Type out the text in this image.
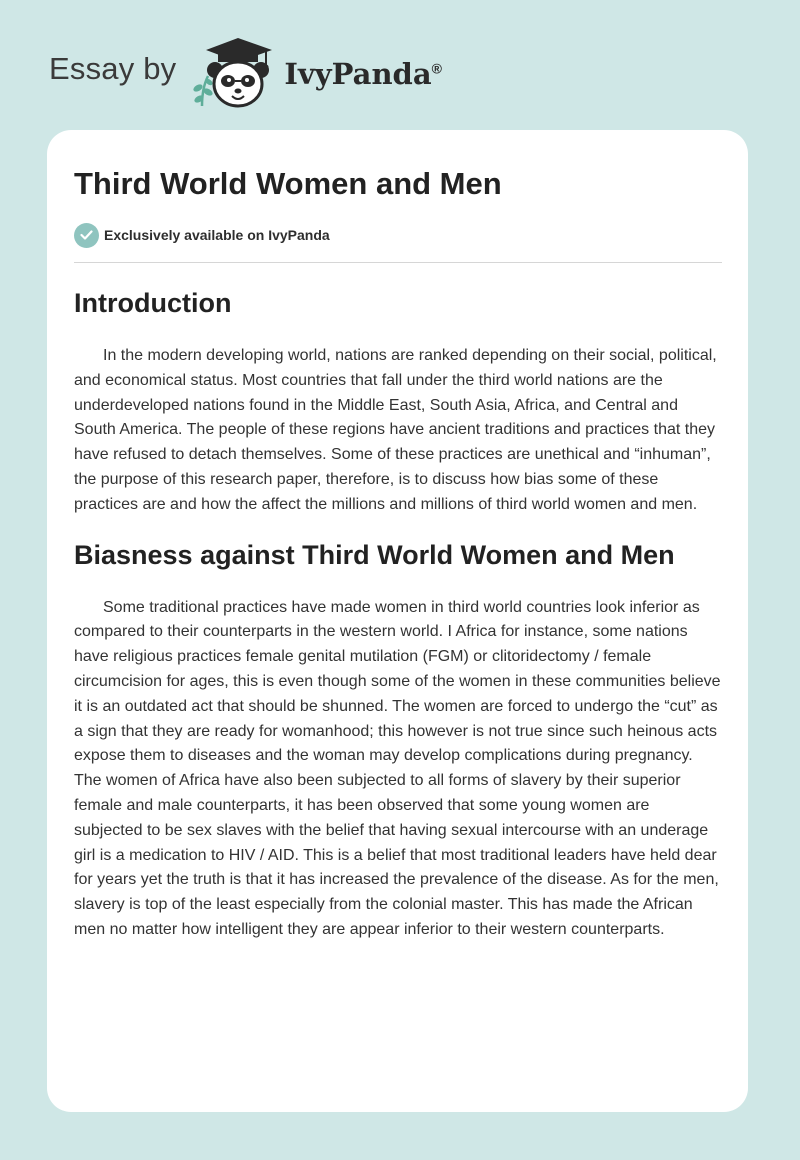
Essay by	IvyPanda®
Third World Women and Men
Exclusively available on IvyPanda
Introduction

In the modern developing world, nations are ranked depending on their social, political, and economical status. Most countries that fall under the third world nations are the underdeveloped nations found in the Middle East, South Asia, Africa, and Central and South America. The people of these regions have ancient traditions and practices that they have refused to detach themselves. Some of these practices are unethical and “inhuman”, the purpose of this research paper, therefore, is to discuss how bias some of these practices are and how the affect the millions and millions of third world women and men.

Biasness against Third World Women and Men

Some traditional practices have made women in third world countries look inferior as compared to their counterparts in the western world. I Africa for instance, some nations have religious practices female genital mutilation (FGM) or clitoridectomy / female circumcision for ages, this is even though some of the women in these communities believe it is an outdated act that should be shunned. The women are forced to undergo the “cut” as a sign that they are ready for womanhood; this however is not true since such heinous acts expose them to diseases and the woman may develop complications during pregnancy. The women of Africa have also been subjected to all forms of slavery by their superior female and male counterparts, it has been observed that some young women are subjected to be sex slaves with the belief that having sexual intercourse with an underage girl is a medication to HIV / AID. This is a belief that most traditional leaders have held dear for years yet the truth is that it has increased the prevalence of the disease. As for the men, slavery is top of the least especially from the colonial master. This has made the African men no matter how intelligent they are appear inferior to their western counterparts.
